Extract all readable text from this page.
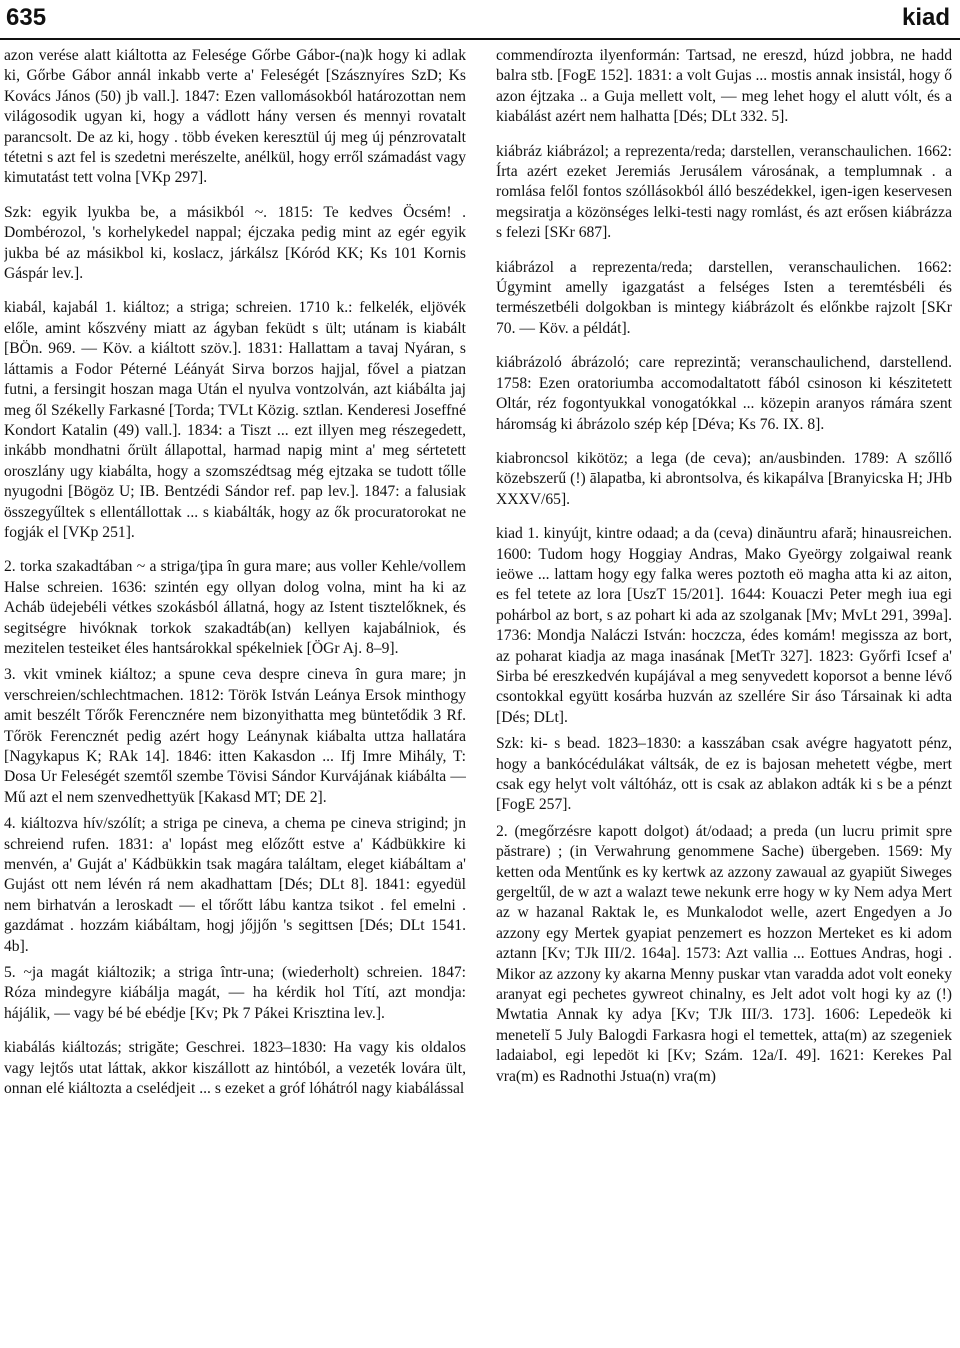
635	kiad

azon verése alatt kiáltotta az Felesége Gőrbe Gábor-(na)k hogy ki adlak ki, Gőrbe Gábor annál inkabb verte a' Feleségét [Szásznyíres SzD; Ks Kovács János (50) jb vall.]. 1847: Ezen vallomásokból határozottan nem világosodik ugyan ki, hogy a vádlott hány versen és mennyi rovatalt parancsolt. De az ki, hogy . több éveken keresztül új meg új pénzrovatalt tétetni s azt fel is szedetni merészelte, anélkül, hogy erről számadást vagy kimutatást tett volna [VKp 297].

Szk: egyik lyukba be, a másikból ~. 1815: Te kedves Öcsém! . Dombérozol, 's korhelykedel nappal; éjczaka pedig mint az egér egyik jukba bé az másikbol ki, koslacz, járkálsz [Kóród KK; Ks 101 Kornis Gáspár lev.].

kiabál, kajabál 1. kiáltoz; a striga; schreien. 1710 k.: felkelék, eljövék előle, amint kőszvény miatt az ágyban feküdt s ült; utánam is kiabált [BÖn. 969. — Köv. a kiáltott szöv.]. 1831: Hallattam a tavaj Nyáran, s láttamis a Fodor Péterné Léányát Sirva borzos hajjal, fővel a piatzan futni, a fersingit hoszan maga Után el nyulva vontzolván, azt kiábálta jaj meg ől Székelly Farkasné [Torda; TVLt Közig. sztlan. Kenderesi Joseffné Kondort Katalin (49) vall.]. 1834: a Tiszt ... ezt illyen meg részegedett, inkább mondhatni őrült állapottal, harmad napig mint a' meg sértetett oroszlány ugy kiabálta, hogy a szomszédtsag még ejtzaka se tudott tőlle nyugodni [Bögöz U; IB. Bentzédi Sándor ref. pap lev.]. 1847: a falusiak összegyűltek s ellentállottak ... s kiabálták, hogy az ők procuratorokat ne fogják el [VKp 251].

2. torka szakadtában ~ a striga/ţipa în gura mare; aus voller Kehle/vollem Halse schreien. 1636: szintén egy ollyan dolog volna, mint ha ki az Acháb üdejebéli vétkes szokásból állatná, hogy az Istent tisztelőknek, és segitségre hivóknak torkok szakadtáb(an) kellyen kajabálniok, és mezitelen testeiket éles hantsárokkal spékelniek [ÖGr Aj. 8–9].

3. vkit vminek kiáltoz; a spune ceva despre cineva în gura mare; jn verschreien/schlechtmachen. 1812: Török István Leánya Ersok minthogy amit beszélt Tőrők Ferencznére nem bizonyithatta meg büntetődik 3 Rf. Tőrök Ferencznét pedig azért hogy Leánynak kiábalta uttza hallatára [Nagykapus K; RAk 14]. 1846: itten Kakasdon ... Ifj Imre Mihály, T: Dosa Ur Feleségét szemtől szembe Tövisi Sándor Kurvájának kiábálta — Mű azt el nem szenvedhettyük [Kakasd MT; DE 2].

4. kiáltozva hív/szólít; a striga pe cineva, a chema pe cineva strigind; jn schreiend rufen. 1831: a' lopást meg előzőtt estve a' Kádbükkire ki menvén, a' Guját a' Kádbükkin tsak magára találtam, eleget kiábáltam a' Gujást ott nem lévén rá nem akadhattam [Dés; DLt 8]. 1841: egyedül nem birhatván a leroskadt — el tőrőtt lábu kantza tsikot . fel emelni . gazdámat . hozzám kiábáltam, hogj jőjjőn 's segittsen [Dés; DLt 1541. 4b].

5. ~ja magát kiáltozik; a striga într-una; (wiederholt) schreien. 1847: Róza mindegyre kiábálja magát, — ha kérdik hol Títí, azt mondja: hájálik, — vagy bé bé ebédje [Kv; Pk 7 Pákei Krisztina lev.].

kiabálás kiáltozás; strigăte; Geschrei. 1823–1830: Ha vagy kis oldalos vagy lejtős utat láttak, akkor kiszállott az hintóból, a vezeték lovára ült, onnan elé kiáltozta a cselédjeit ... s ezeket a gróf lóhátról nagy kiabálással

commendírozta ilyenformán: Tartsad, ne ereszd, húzd jobbra, ne hadd balra stb. [FogE 152]. 1831: a volt Gujas ... mostis annak insistál, hogy ő azon éjtzaka .. a Guja mellett volt, — meg lehet hogy el alutt vólt, és a kiabálást azért nem halhatta [Dés; DLt 332. 5].

kiábráz kiábrázol; a reprezenta/reda; darstellen, veranschaulichen. 1662: Írta azért ezeket Jeremiás Jerusálem városának, a templumnak . a romlása felől fontos szóllásokból álló beszédekkel, igen-igen keservesen megsiratja a közönséges lelki-testi nagy romlást, és azt erősen kiábrázza s felezi [SKr 687].

kiábrázol a reprezenta/reda; darstellen, veranschaulichen. 1662: Úgymint amelly igazgatást a felséges Isten a teremtésbéli és természetbéli dolgokban is mintegy kiábrázolt és előnkbe rajzolt [SKr 70. — Köv. a példát].

kiábrázoló ábrázoló; care reprezintă; veranschaulichend, darstellend. 1758: Ezen oratoriumba accomodaltatott fából csinoson ki készitetett Oltár, réz fogontyukkal vonogatókkal ... közepin aranyos rámára szent háromság ki ábrázolo szép kép [Déva; Ks 76. IX. 8].

kiabroncsol kikötöz; a lega (de ceva); an/ausbinden. 1789: A szőllő közebszerű (!) ālapatba, ki abrontsolva, és kikapálva [Branyicska H; JHb XXXV/65].

kiad 1. kinyújt, kintre odaad; a da (ceva) dinăuntru afară; hinausreichen. 1600: Tudom hogy Hoggiay Andras, Mako Gyeörgy zolgaiwal reank ieöwe ... lattam hogy egy falka weres poztoth eö magha atta ki az aiton, es fel tetete az lora [UszT 15/201]. 1644: Kouaczi Peter megh iua egi pohárbol az bort, s az pohart ki ada az szolganak [Mv; MvLt 291, 399a]. 1736: Mondja Naláczi István: hoczcza, édes komám! megissza az bort, az poharat kiadja az maga inasának [MetTr 327]. 1823: Győrfi Icsef a' Sirba bé ereszkedvén kupájával a meg senyvedett koporsot a benne lévő csontokkal együtt kosárba huzván az szellére Sir áso Társainak ki adta [Dés; DLt].

Szk: ki- s bead. 1823–1830: a kasszában csak avégre hagyatott pénz, hogy a bankócédulákat váltsák, de ez is bajosan mehetett végbe, mert csak egy helyt volt váltóház, ott is csak az ablakon adták ki s be a pénzt [FogE 257].

2. (megőrzésre kapott dolgot) át/odaad; a preda (un lucru primit spre păstrare) ; (in Verwahrung genommene Sache) übergeben. 1569: My ketten oda Mentűnk es ky kertwk az azzony zawaual az gyapiŭt Siweges gergeltűl, de w azt a walazt tewe nekunk erre hogy w ky Nem adya Mert az w hazanal Raktak le, es Munkalodot welle, azert Engedyen a Jo azzony egy Mertek gyapiat penzemert es hozzon Merteket es ki adom aztann [Kv; TJk III/2. 164a]. 1573: Azt vallia ... Eottues Andras, hogi . Mikor az azzony ky akarna Menny puskar vtan varadda adot volt eoneky aranyat egi pechetes gywreot chinalny, es Jelt adot volt hogi ky az (!) Mwtatia Annak ky adya [Kv; TJk III/3. 173]. 1606: Lepedeök ki menetelĭ 5 July Balogdi Farkasra hogi el temettek, atta(m) az szegeniek ladaiabol, egi lepedöt ki [Kv; Szám. 12a/I. 49]. 1621: Kerekes Pal vra(m) es Radnothi Jstua(n) vra(m)
